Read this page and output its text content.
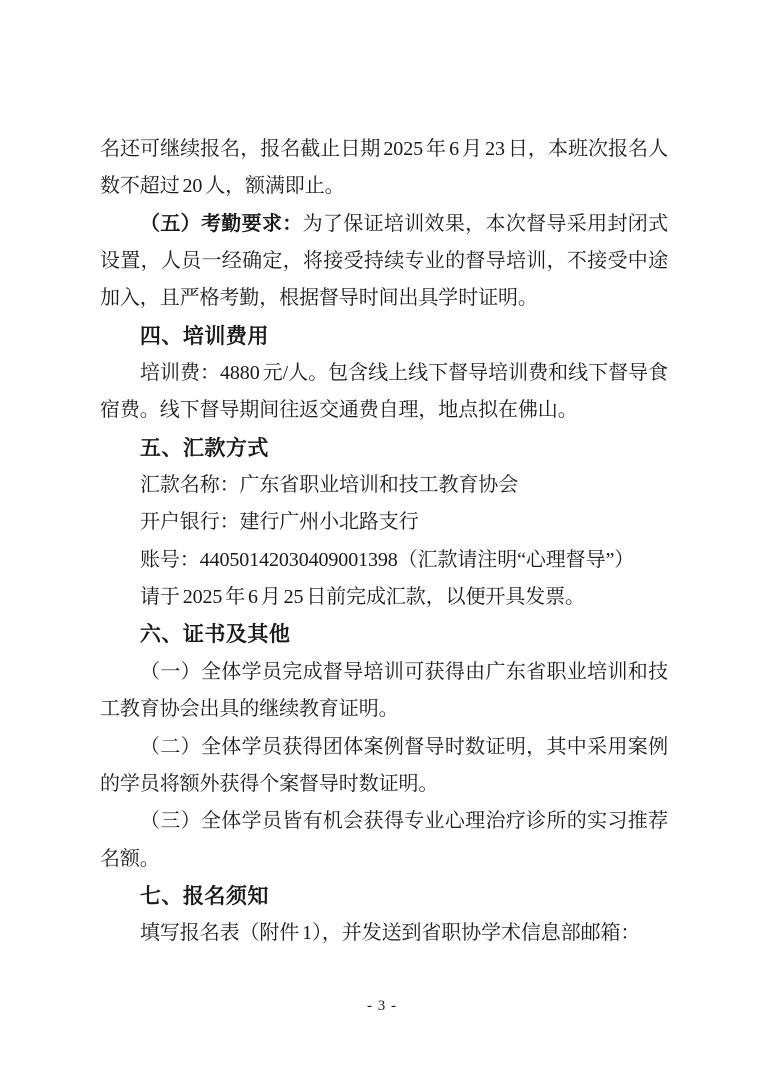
名还可继续报名，报名截止日期 2025 年 6 月 23 日，本班次报名人数不超过 20 人，额满即止。

（五）考勤要求：为了保证培训效果，本次督导采用封闭式设置，人员一经确定，将接受持续专业的督导培训，不接受中途加入，且严格考勤，根据督导时间出具学时证明。

四、培训费用

培训费：4880 元/人。包含线上线下督导培训费和线下督导食宿费。线下督导期间往返交通费自理，地点拟在佛山。

五、汇款方式

汇款名称：广东省职业培训和技工教育协会

开户银行：建行广州小北路支行

账号：44050142030409001398（汇款请注明“心理督导”）

请于 2025 年 6 月 25 日前完成汇款，以便开具发票。

六、证书及其他

（一）全体学员完成督导培训可获得由广东省职业培训和技工教育协会出具的继续教育证明。

（二）全体学员获得团体案例督导时数证明，其中采用案例的学员将额外获得个案督导时数证明。

（三）全体学员皆有机会获得专业心理治疗诊所的实习推荐名额。

七、报名须知

填写报名表（附件 1），并发送到省职协学术信息部邮箱：

- 3 -
